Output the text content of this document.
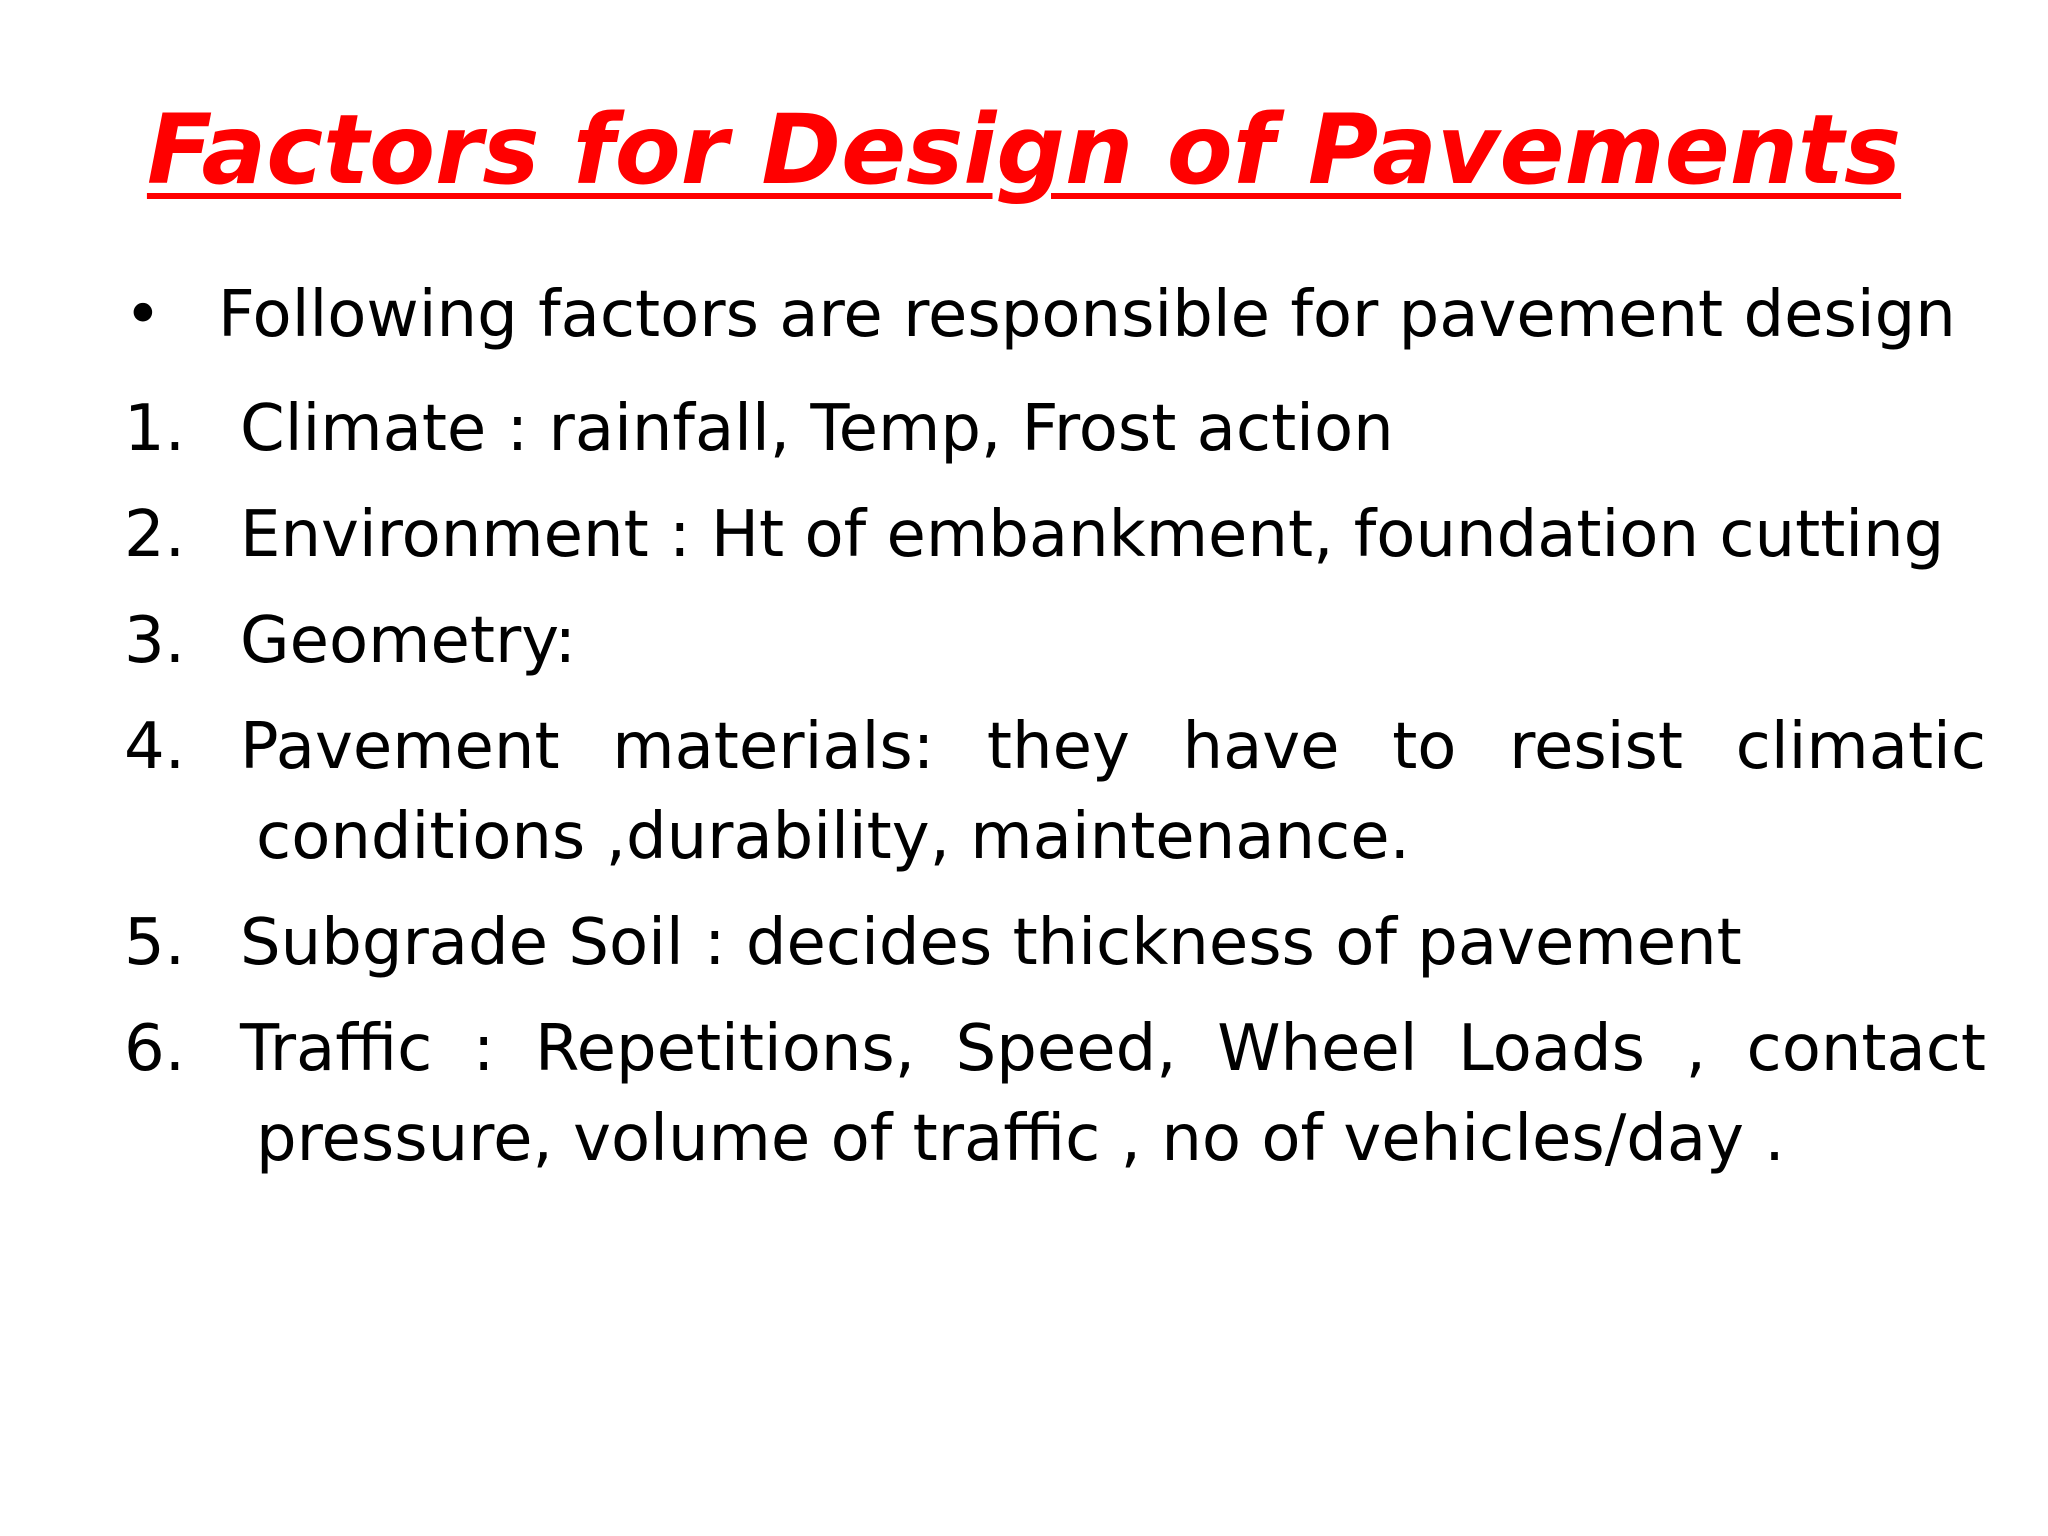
Factors for Design of Pavements
• Following factors are responsible for pavement design
1. Climate : rainfall, Temp, Frost action
2. Environment : Ht of embankment, foundation cutting
3. Geometry:
4. Pavement materials: they have to resist climatic conditions ,durability, maintenance.
5. Subgrade Soil : decides thickness of pavement
6. Traffic : Repetitions, Speed, Wheel Loads , contact pressure, volume of traffic , no of vehicles/day .
